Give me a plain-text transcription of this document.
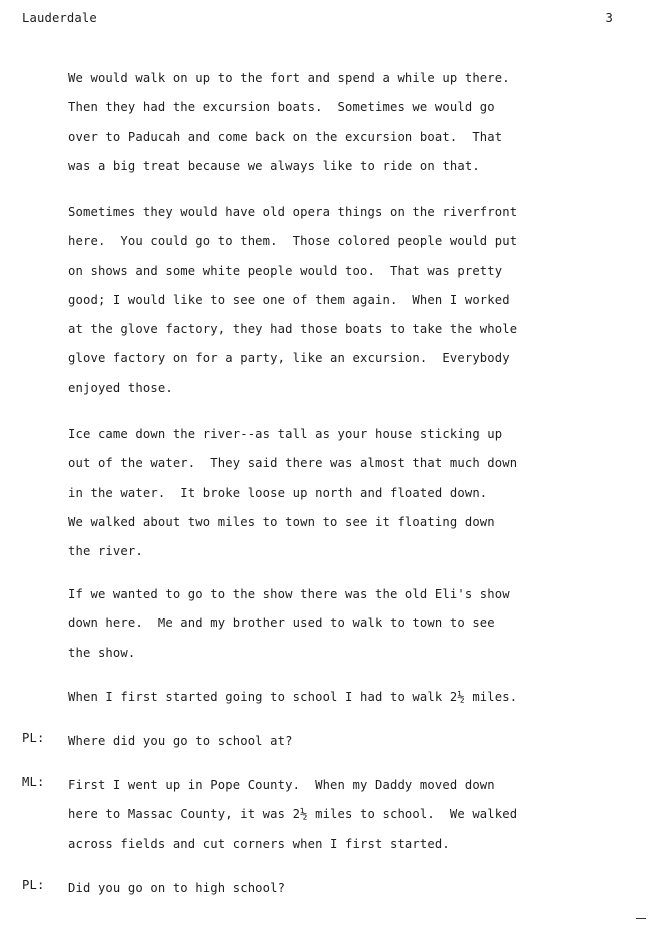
Lauderdale	3
We would walk on up to the fort and spend a while up there.
Then they had the excursion boats.  Sometimes we would go
over to Paducah and come back on the excursion boat.  That
was a big treat because we always like to ride on that.
Sometimes they would have old opera things on the riverfront
here.  You could go to them.  Those colored people would put
on shows and some white people would too.  That was pretty
good; I would like to see one of them again.  When I worked
at the glove factory, they had those boats to take the whole
glove factory on for a party, like an excursion.  Everybody
enjoyed those.
Ice came down the river--as tall as your house sticking up
out of the water.  They said there was almost that much down
in the water.  It broke loose up north and floated down.
We walked about two miles to town to see it floating down
the river.
If we wanted to go to the show there was the old Eli's show
down here.  Me and my brother used to walk to town to see
the show.
When I first started going to school I had to walk 2½ miles.
PL: Where did you go to school at?
ML: First I went up in Pope County.  When my Daddy moved down
here to Massac County, it was 2½ miles to school.  We walked
across fields and cut corners when I first started.
PL: Did you go on to high school?
